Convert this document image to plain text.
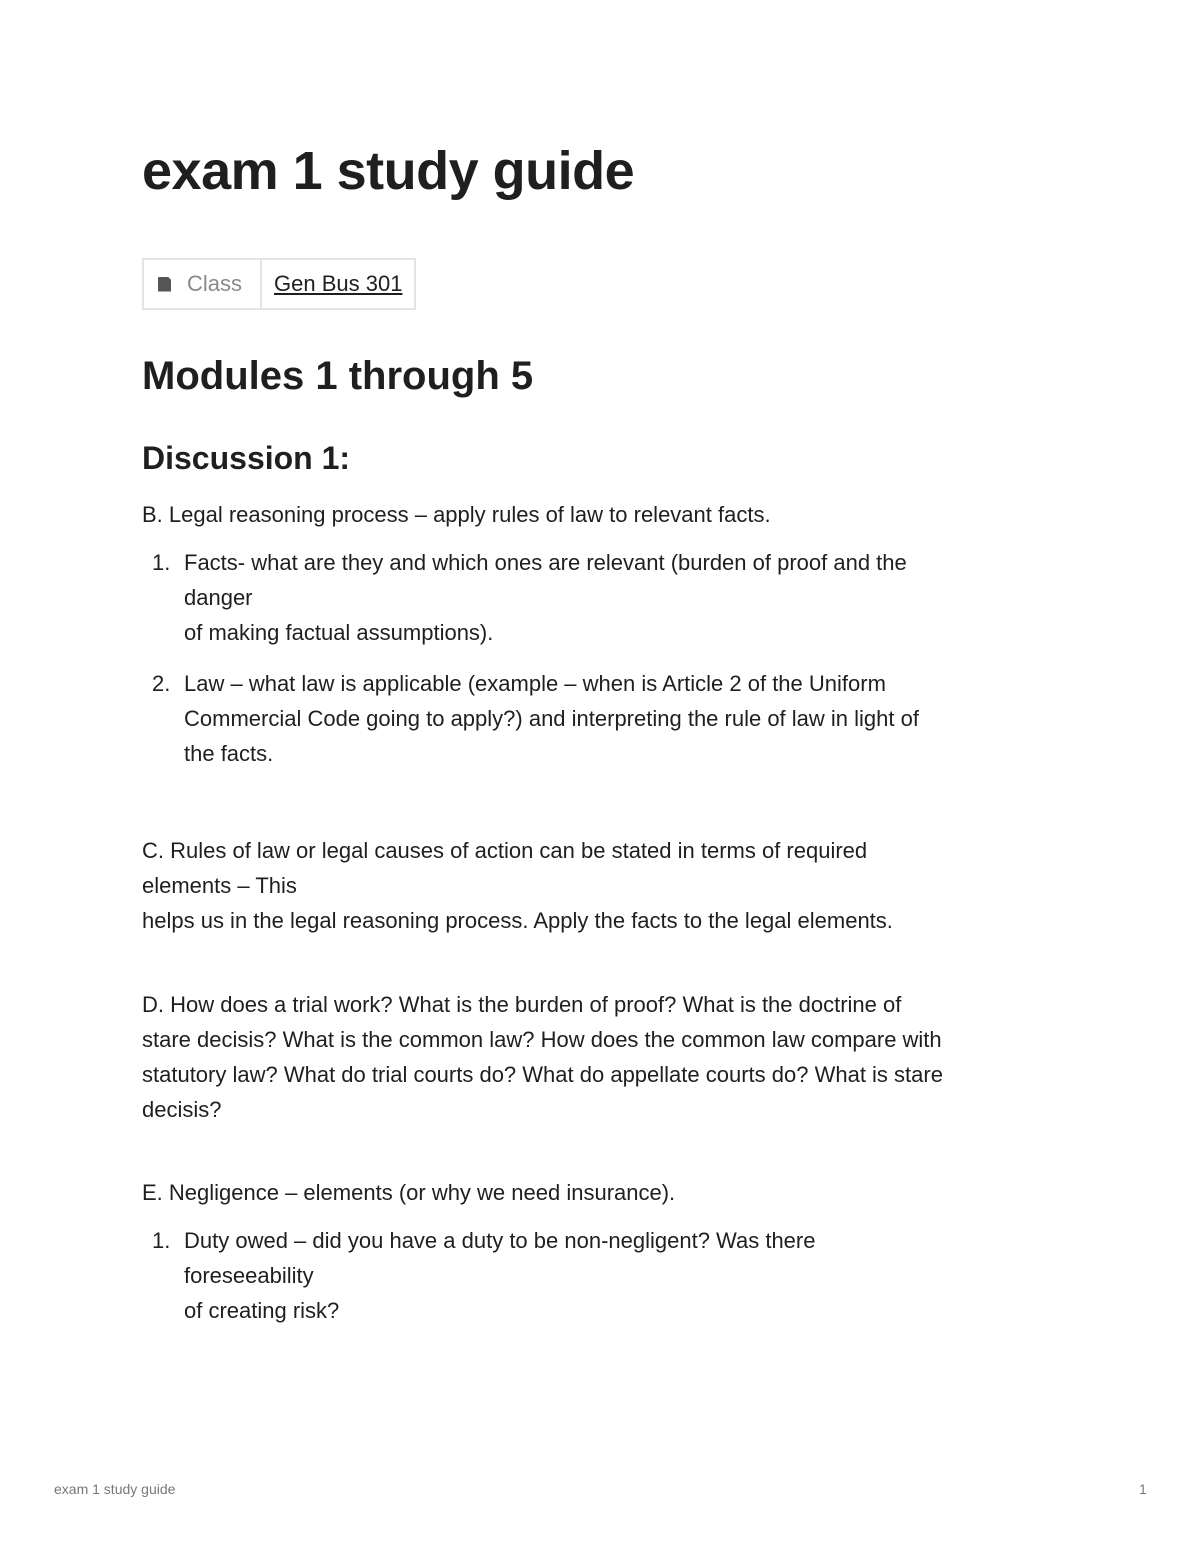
exam 1 study guide
Class	Gen Bus 301
Modules 1 through 5
Discussion 1:

B. Legal reasoning process – apply rules of law to relevant facts.

1. Facts- what are they and which ones are relevant (burden of proof and the
danger
of making factual assumptions).
2. Law – what law is applicable (example – when is Article 2 of the Uniform
Commercial Code going to apply?) and interpreting the rule of law in light of
the facts.

C. Rules of law or legal causes of action can be stated in terms of required
elements – This
helps us in the legal reasoning process. Apply the facts to the legal elements.

D. How does a trial work? What is the burden of proof? What is the doctrine of
stare decisis? What is the common law? How does the common law compare with
statutory law? What do trial courts do? What do appellate courts do? What is stare
decisis?

E. Negligence – elements (or why we need insurance).

1. Duty owed – did you have a duty to be non-negligent? Was there
foreseeability
of creating risk?
exam 1 study guide	1
